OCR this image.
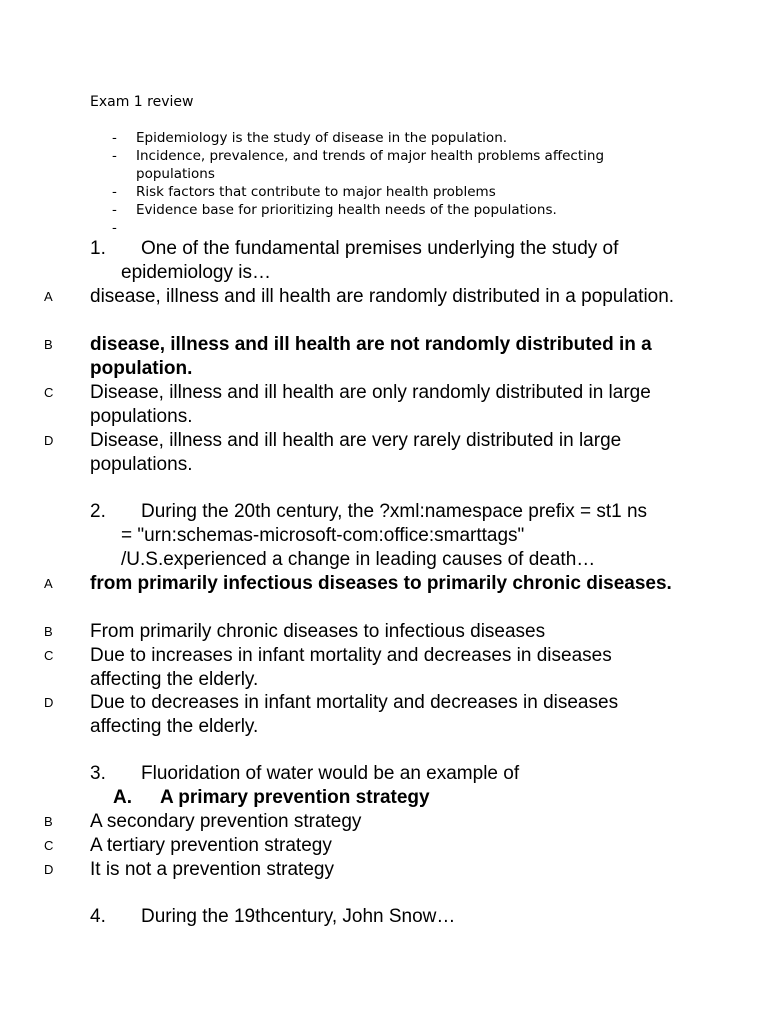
Exam 1 review
-	Epidemiology is the study of disease in the population.
-	Incidence, prevalence, and trends of major health problems affecting populations
-	Risk factors that contribute to major health problems
-	Evidence base for prioritizing health needs of the populations.
-
1. One of the fundamental premises underlying the study of
epidemiology is…
A disease, illness and ill health are randomly distributed in a population.
B disease, illness and ill health are not randomly distributed in a population.
C Disease, illness and ill health are only randomly distributed in large populations.
D Disease, illness and ill health are very rarely distributed in large populations.
2. During the 20th century, the ?xml:namespace prefix = st1 ns
= "urn:schemas-microsoft-com:office:smarttags"
/U.S.experienced a change in leading causes of death…
A from primarily infectious diseases to primarily chronic diseases.
B From primarily chronic diseases to infectious diseases
C Due to increases in infant mortality and decreases in diseases affecting the elderly.
D Due to decreases in infant mortality and decreases in diseases affecting the elderly.
3. Fluoridation of water would be an example of
A. A primary prevention strategy
B A secondary prevention strategy
C A tertiary prevention strategy
D It is not a prevention strategy
4. During the 19thcentury, John Snow…
